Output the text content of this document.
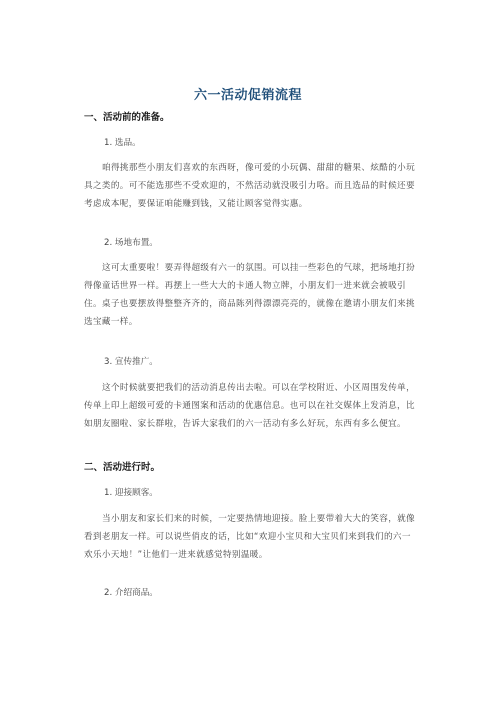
六一活动促销流程
一、活动前的准备。
1. 选品。
咱得挑那些小朋友们喜欢的东西呀，像可爱的小玩偶、甜甜的糖果、炫酷的小玩
具之类的。可不能选那些不受欢迎的，不然活动就没吸引力咯。而且选品的时候还要
考虑成本呢，要保证咱能赚到钱，又能让顾客觉得实惠。
2. 场地布置。
这可太重要啦！要弄得超级有六一的氛围。可以挂一些彩色的气球，把场地打扮
得像童话世界一样。再摆上一些大大的卡通人物立牌，小朋友们一进来就会被吸引
住。桌子也要摆放得整整齐齐的，商品陈列得漂漂亮亮的，就像在邀请小朋友们来挑
选宝藏一样。
3. 宣传推广。
这个时候就要把我们的活动消息传出去啦。可以在学校附近、小区周围发传单，
传单上印上超级可爱的卡通图案和活动的优惠信息。也可以在社交媒体上发消息，比
如朋友圈啦、家长群啦，告诉大家我们的六一活动有多么好玩，东西有多么便宜。
二、活动进行时。
1. 迎接顾客。
当小朋友和家长们来的时候，一定要热情地迎接。脸上要带着大大的笑容，就像
看到老朋友一样。可以说些俏皮的话，比如“欢迎小宝贝和大宝贝们来到我们的六一
欢乐小天地！”让他们一进来就感觉特别温暖。
2. 介绍商品。
